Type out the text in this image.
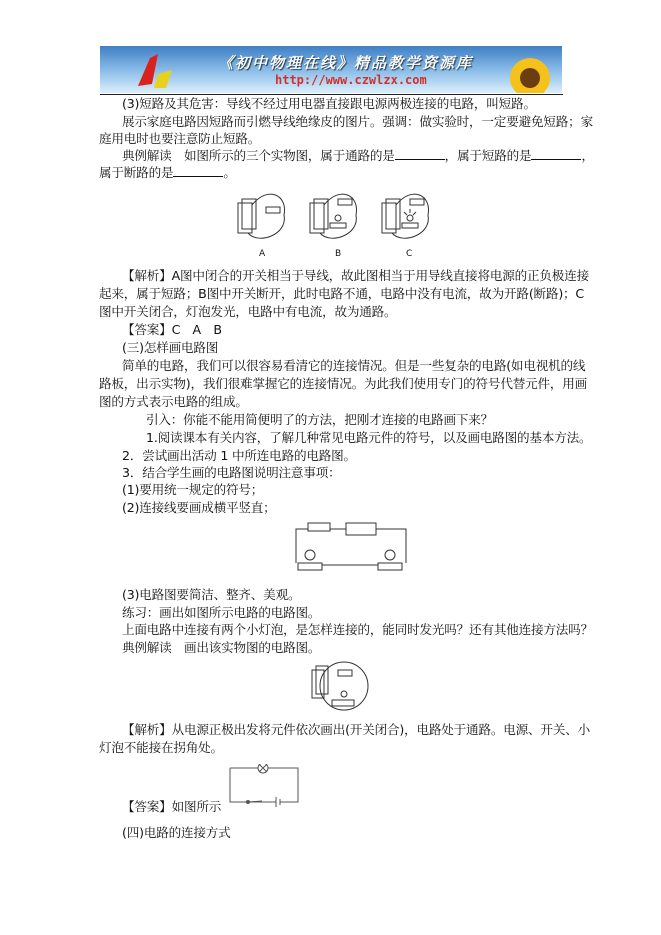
《初中物理在线》精品教学资源库
http://www.czwlzx.com
(3)短路及其危害：导线不经过用电器直接跟电源两极连接的电路，叫短路。
展示家庭电路因短路而引燃导线绝缘皮的图片。强调：做实验时，一定要避免短路；家
庭用电时也要注意防止短路。
典例解读　如图所示的三个实物图，属于通路的是	，属于短路的是	，
属于断路的是	。
A	B	C
【解析】A图中闭合的开关相当于导线，故此图相当于用导线直接将电源的正负极连接
起来，属于短路；B图中开关断开，此时电路不通，电路中没有电流，故为开路(断路)；C
图中开关闭合，灯泡发光，电路中有电流，故为通路。
【答案】C　A　B
(三)怎样画电路图
简单的电路，我们可以很容易看清它的连接情况。但是一些复杂的电路(如电视机的线
路板，出示实物)，我们很难掌握它的连接情况。为此我们使用专门的符号代替元件，用画
图的方式表示电路的组成。
引入：你能不能用简便明了的方法，把刚才连接的电路画下来？
1.阅读课本有关内容，了解几种常见电路元件的符号，以及画电路图的基本方法。
2．尝试画出活动 1 中所连电路的电路图。
3．结合学生画的电路图说明注意事项：
(1)要用统一规定的符号；
(2)连接线要画成横平竖直；
(3)电路图要简洁、整齐、美观。
练习：画出如图所示电路的电路图。
上面电路中连接有两个小灯泡，是怎样连接的，能同时发光吗？还有其他连接方法吗？
典例解读　画出该实物图的电路图。
【解析】从电源正极出发将元件依次画出(开关闭合)，电路处于通路。电源、开关、小
灯泡不能接在拐角处。
【答案】如图所示
(四)电路的连接方式
